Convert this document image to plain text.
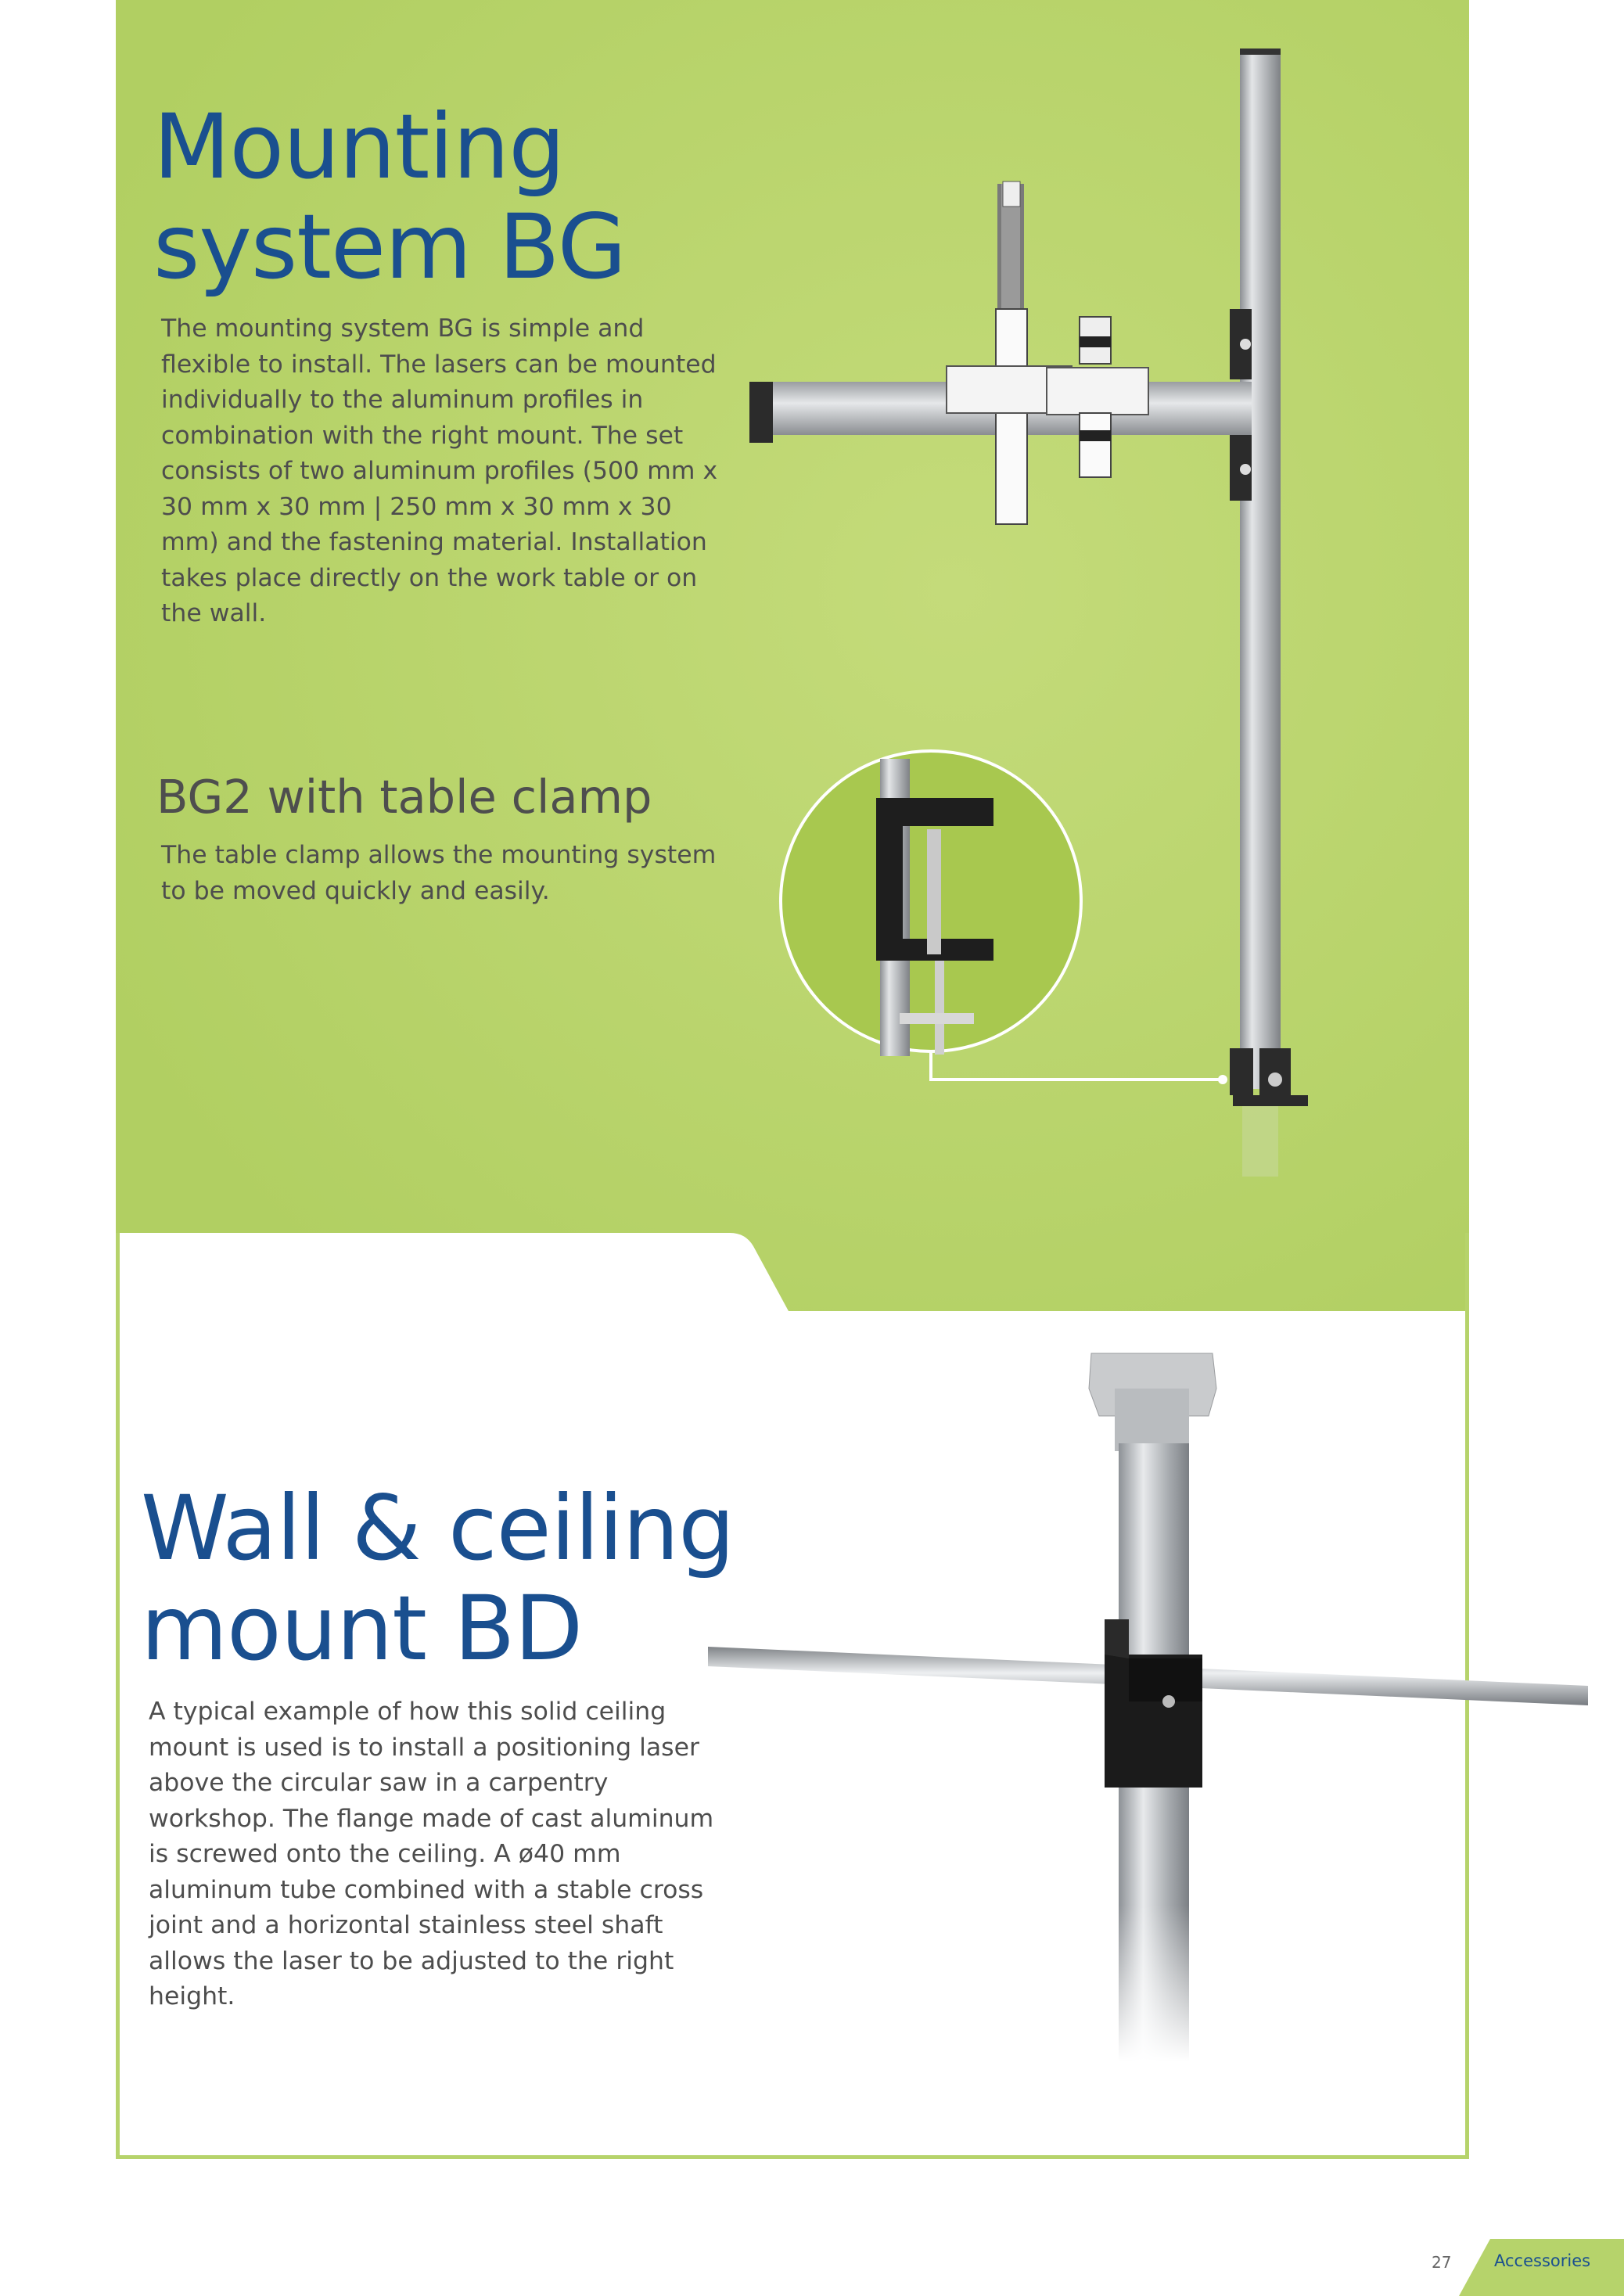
Mounting
system BG

The mounting system BG is simple and flexible to install. The lasers can be mounted individually to the aluminum profiles in combination with the right mount. The set consists of two aluminum profiles (500 mm x 30 mm x 30 mm | 250 mm x 30 mm x 30 mm) and the fastening material. Installation takes place directly on the work table or on the wall.

BG2 with table clamp

The table clamp allows the mounting system to be moved quickly and easily.

Wall & ceiling
mount BD

A typical example of how this solid ceiling mount is used is to install a positioning laser above the circular saw in a carpentry workshop. The flange made of cast aluminum is screwed onto the ceiling. A ø40 mm aluminum tube combined with a stable cross joint and a horizontal stainless steel shaft allows the laser to be adjusted to the right height.

27	Accessories
